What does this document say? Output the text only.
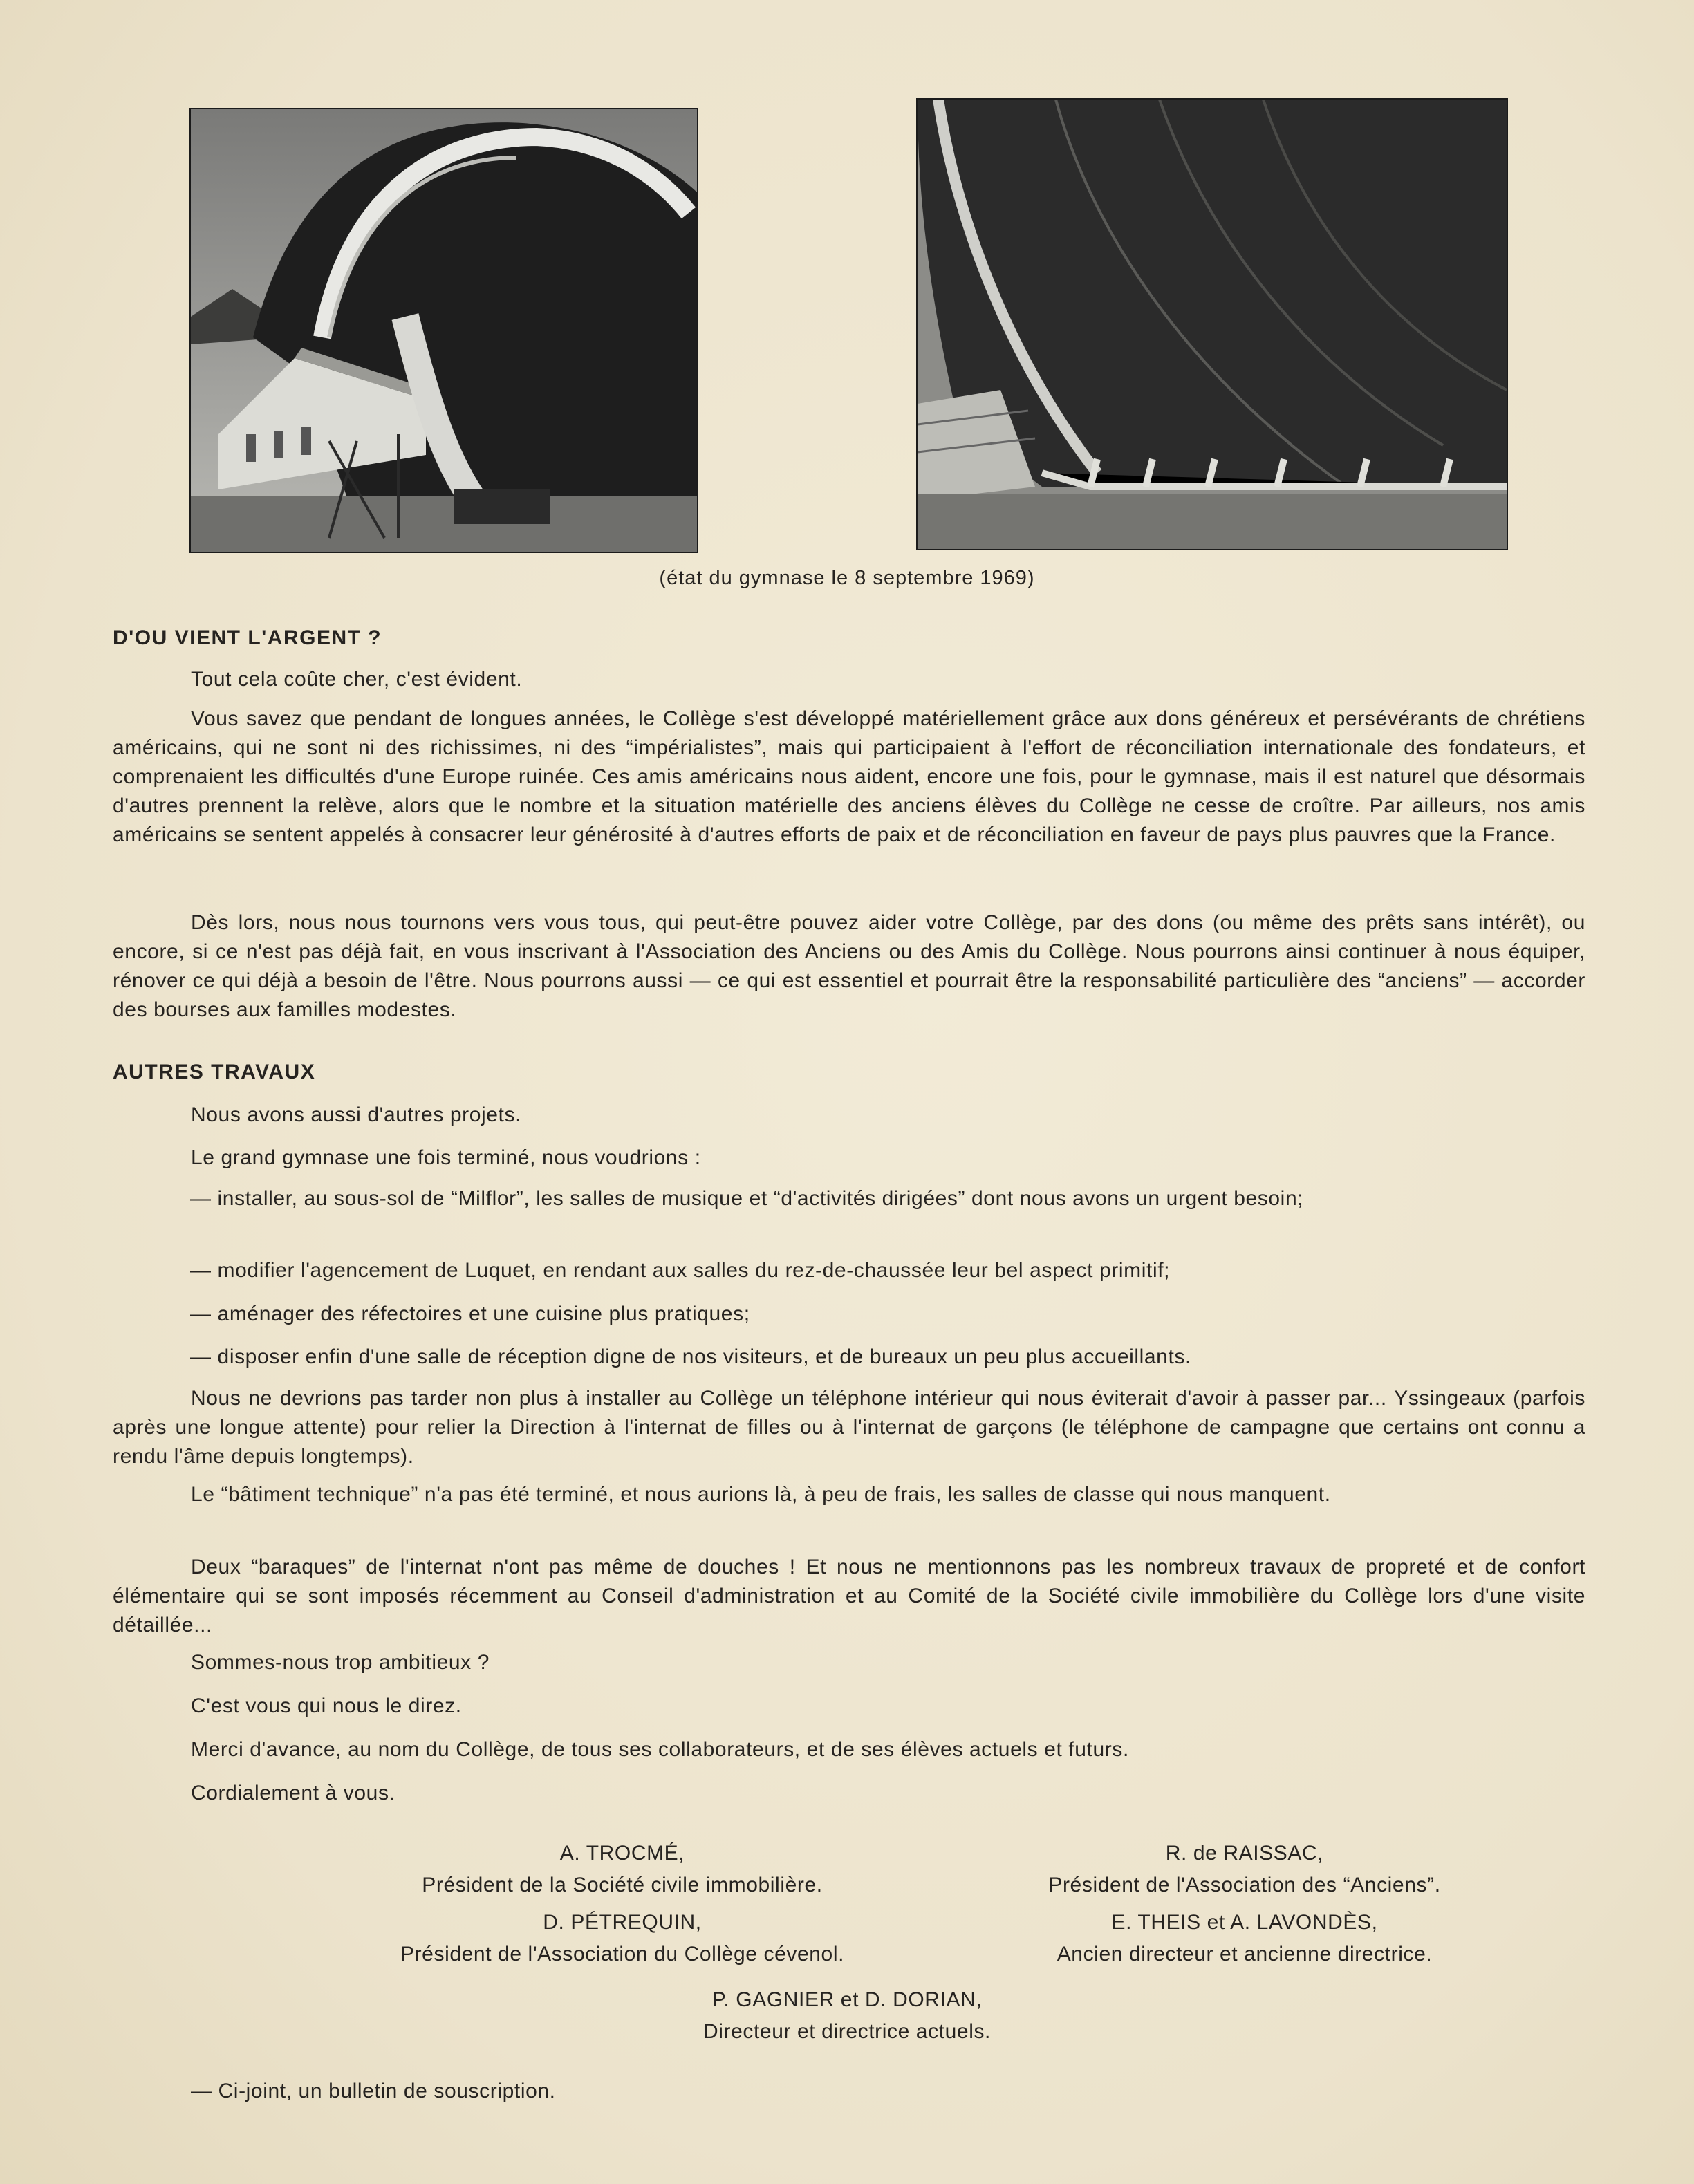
(état du gymnase le 8 septembre 1969)
D'OU VIENT L'ARGENT ?
Tout cela coûte cher, c'est évident.
Vous savez que pendant de longues années, le Collège s'est développé matériellement grâce aux dons généreux et persévérants de chrétiens américains, qui ne sont ni des richissimes, ni des “impérialistes”, mais qui participaient à l'effort de réconciliation internationale des fondateurs, et comprenaient les difficultés d'une Europe ruinée. Ces amis américains nous aident, encore une fois, pour le gymnase, mais il est naturel que désormais d'autres prennent la relève, alors que le nombre et la situation matérielle des anciens élèves du Collège ne cesse de croître. Par ailleurs, nos amis américains se sentent appelés à consacrer leur générosité à d'autres efforts de paix et de réconciliation en faveur de pays plus pauvres que la France.
Dès lors, nous nous tournons vers vous tous, qui peut-être pouvez aider votre Collège, par des dons (ou même des prêts sans intérêt), ou encore, si ce n'est pas déjà fait, en vous inscrivant à l'Association des Anciens ou des Amis du Collège. Nous pourrons ainsi continuer à nous équiper, rénover ce qui déjà a besoin de l'être. Nous pourrons aussi — ce qui est essentiel et pourrait être la responsabilité particulière des “anciens” — accorder des bourses aux familles modestes.
AUTRES TRAVAUX
Nous avons aussi d'autres projets.
Le grand gymnase une fois terminé, nous voudrions :
— installer, au sous-sol de “Milflor”, les salles de musique et “d'activités dirigées” dont nous avons un urgent besoin;
— modifier l'agencement de Luquet, en rendant aux salles du rez-de-chaussée leur bel aspect primitif;
— aménager des réfectoires et une cuisine plus pratiques;
— disposer enfin d'une salle de réception digne de nos visiteurs, et de bureaux un peu plus accueillants.
Nous ne devrions pas tarder non plus à installer au Collège un téléphone intérieur qui nous éviterait d'avoir à passer par... Yssingeaux (parfois après une longue attente) pour relier la Direction à l'internat de filles ou à l'internat de garçons (le téléphone de campagne que certains ont connu a rendu l'âme depuis longtemps).
Le “bâtiment technique” n'a pas été terminé, et nous aurions là, à peu de frais, les salles de classe qui nous manquent.
Deux “baraques” de l'internat n'ont pas même de douches ! Et nous ne mentionnons pas les nombreux travaux de propreté et de confort élémentaire qui se sont imposés récemment au Conseil d'administration et au Comité de la Société civile immobilière du Collège lors d'une visite détaillée...
Sommes-nous trop ambitieux ?
C'est vous qui nous le direz.
Merci d'avance, au nom du Collège, de tous ses collaborateurs, et de ses élèves actuels et futurs.
Cordialement à vous.
A. TROCMÉ,
Président de la Société civile immobilière.
R. de RAISSAC,
Président de l'Association des “Anciens”.
D. PÉTREQUIN,
Président de l'Association du Collège cévenol.
E. THEIS et A. LAVONDÈS,
Ancien directeur et ancienne directrice.
P. GAGNIER et D. DORIAN,
Directeur et directrice actuels.
— Ci-joint, un bulletin de souscription.
